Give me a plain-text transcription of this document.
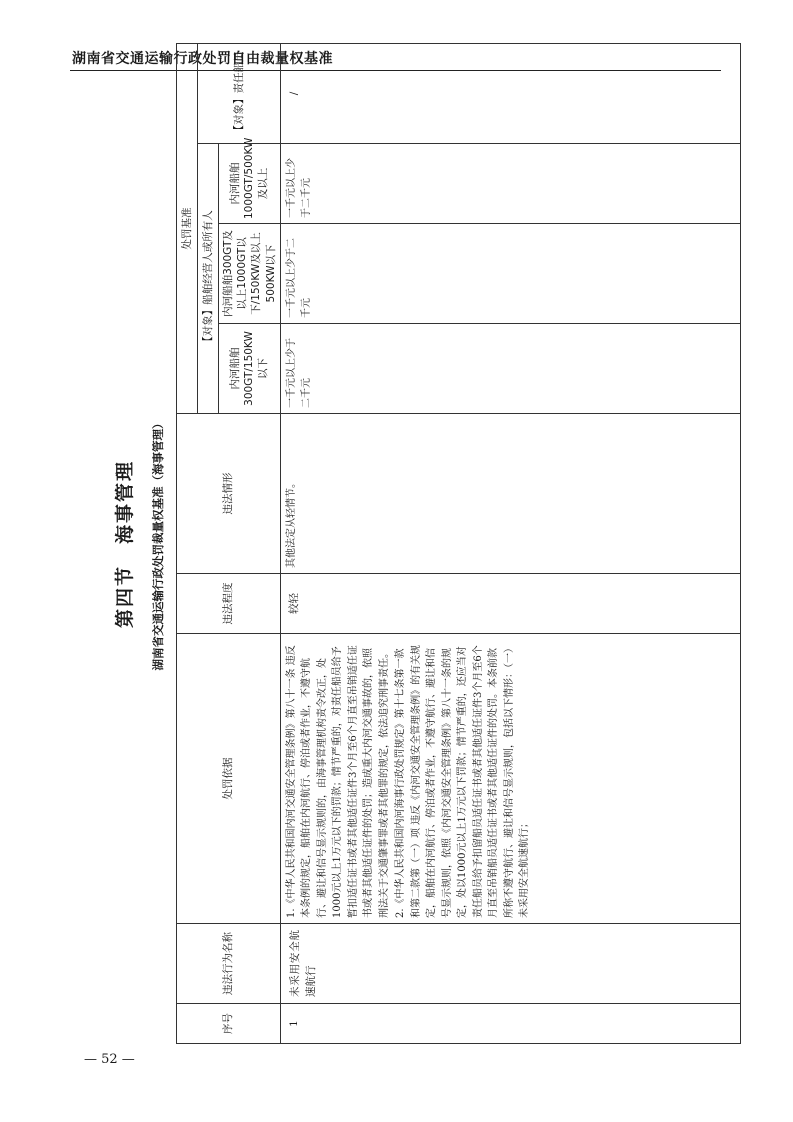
湖南省交通运输行政处罚自由裁量权基准
第四节　海事管理 湖南省交通运输行政处罚裁量权基准（海事管理）
序号	违法行为名称	处罚依据	违法程度	违法情形	处罚基准			
					【对象】船舶经营人或所有人			【对象】责任船员
					内河船舶300GT/150KW以下	内河船舶300GT及以上1000GT以下/150KW及以上500KW以下	内河船舶1000GT/500KW及以上	
1	未采用安全航速航行	1.《中华人民共和国内河交通安全管理条例》第八十一条 违反本条例的规定，船舶在内河航行、停泊或者作业，不遵守航行、避让和信号显示规则的，由海事管理机构责令改正，处1000元以上1万元以下的罚款；情节严重的，对责任船员给予暂扣适任证书或者其他适任证件3个月至6个月直至吊销适任证书或者其他适任证件的处罚；造成重大内河交通事故的，依照刑法关于交通肇事罪或者其他罪的规定，依法追究刑事责任。 2.《中华人民共和国内河海事行政处罚规定》第十七条第一款和第二款第（一）项 违反《内河交通安全管理条例》的有关规定，船舶在内河航行、停泊或者作业，不遵守航行、避让和信号显示规则，依照《内河交通安全管理条例》第八十一条的规定，处以1000元以上1万元以下罚款；情节严重的，还应当对责任船员给予扣留船员适任证书或者其他适任证件3个月至6个月直至吊销船员适任证书或者其他适任证件的处罚。本条前款所称不遵守航行、避让和信号显示规则，包括以下情形：（一）未采用安全航速航行；	较轻	其他法定从轻情节。	一千元以上少于二千元	一千元以上少于二千元	一千元以上少于二千元	/
— 52 —
